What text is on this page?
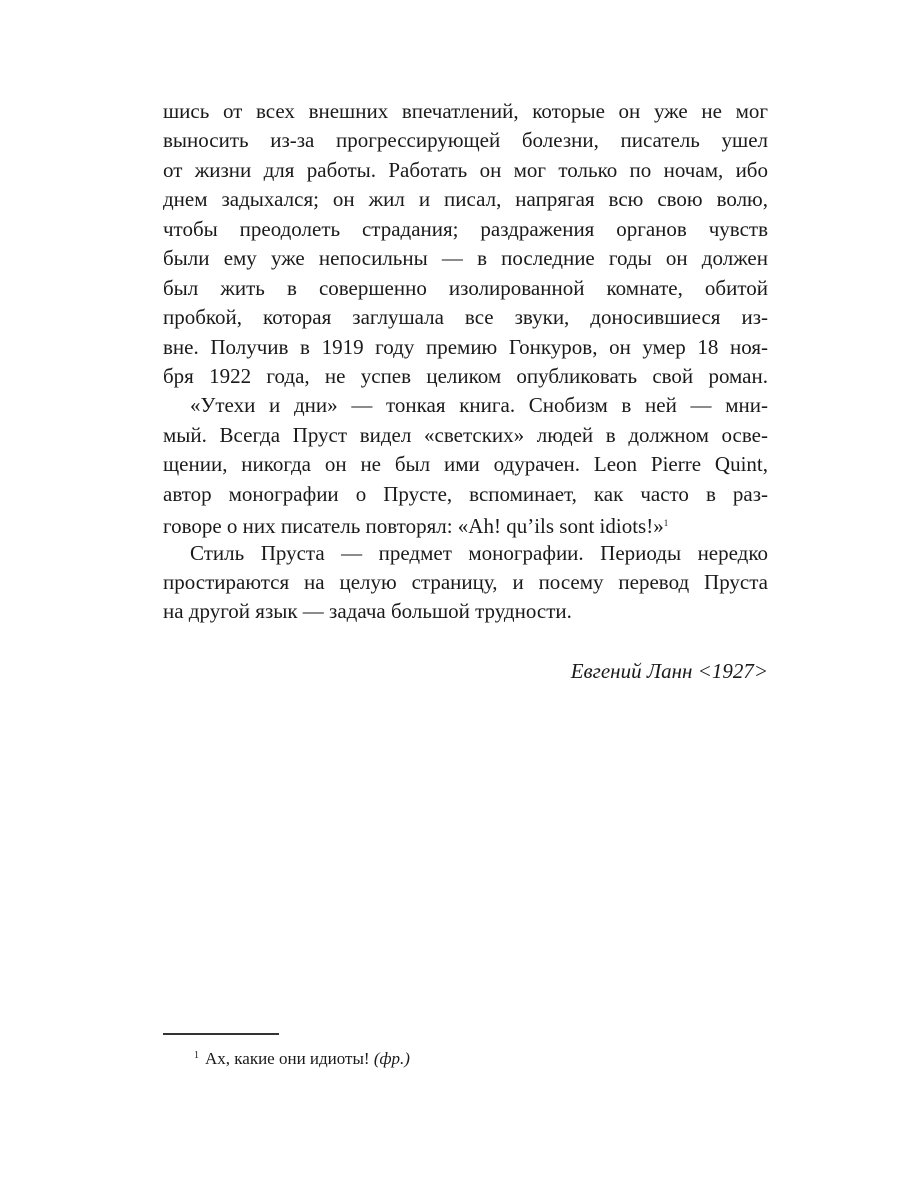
шись от всех внешних впечатлений, которые он уже не мог
выносить из-за прогрессирующей болезни, писатель ушел
от жизни для работы. Работать он мог только по ночам, ибо
днем задыхался; он жил и писал, напрягая всю свою волю,
чтобы преодолеть страдания; раздражения органов чувств
были ему уже непосильны — в последние годы он должен
был жить в совершенно изолированной комнате, обитой
пробкой, которая заглушала все звуки, доносившиеся из-
вне. Получив в 1919 году премию Гонкуров, он умер 18 ноя-
бря 1922 года, не успев целиком опубликовать свой роман.
«Утехи и дни» — тонкая книга. Снобизм в ней — мни-
мый. Всегда Пруст видел «светских» людей в должном осве-
щении, никогда он не был ими одурачен. Leon Pierre Quint,
автор монографии о Прусте, вспоминает, как часто в раз-
говоре о них писатель повторял: «Ah! qu’ils sont idiots!»$^1$
Стиль Пруста — предмет монографии. Периоды нередко
простираются на целую страницу, и посему перевод Пруста
на другой язык — задача большой трудности.
Евгений Ланн <1927>
$^1$ Ах, какие они идиоты! (фр.)
